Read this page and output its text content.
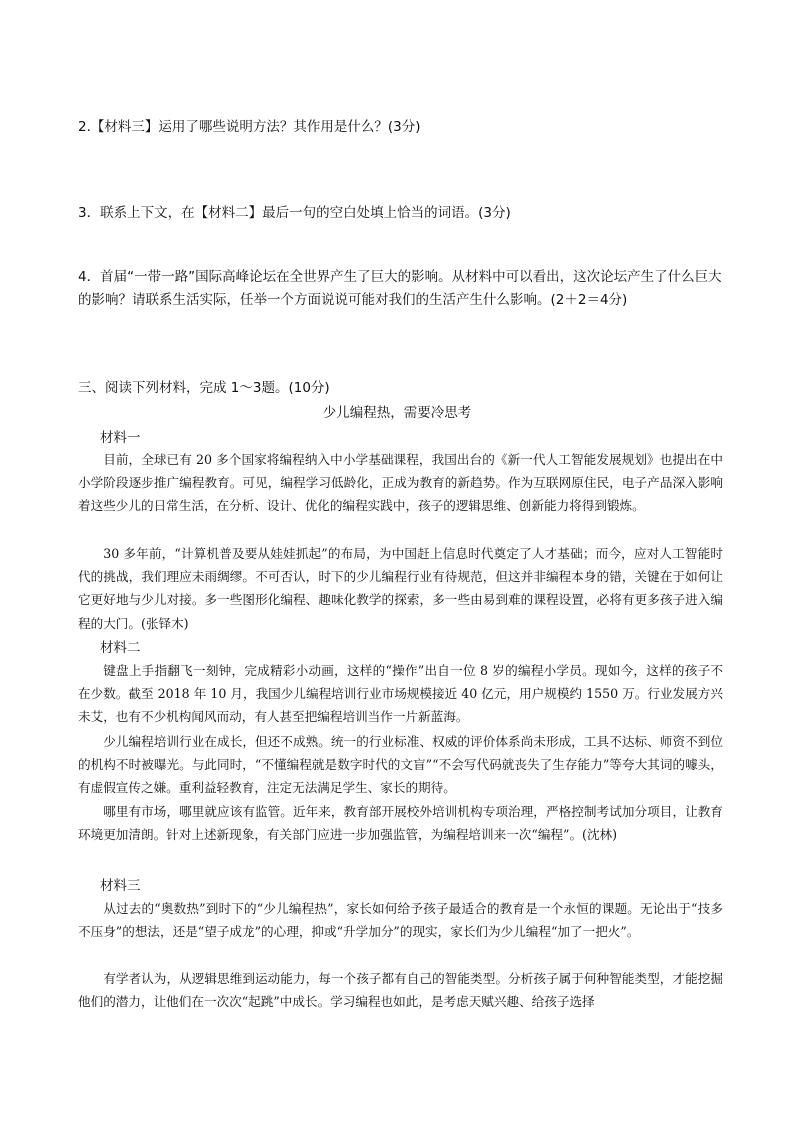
2.【材料三】运用了哪些说明方法？其作用是什么？(3分)
3．联系上下文，在【材料二】最后一句的空白处填上恰当的词语。(3分)
4．首届“一带一路”国际高峰论坛在全世界产生了巨大的影响。从材料中可以看出，这次论坛产生了什么巨大的影响？请联系生活实际，任举一个方面说说可能对我们的生活产生什么影响。(2＋2＝4分)
三、阅读下列材料，完成 1～3题。(10分)
少儿编程热，需要冷思考
材料一
目前，全球已有 20 多个国家将编程纳入中小学基础课程，我国出台的《新一代人工智能发展规划》也提出在中小学阶段逐步推广编程教育。可见，编程学习低龄化，正成为教育的新趋势。作为互联网原住民，电子产品深入影响着这些少儿的日常生活，在分析、设计、优化的编程实践中，孩子的逻辑思维、创新能力将得到锻炼。
30 多年前，“计算机普及要从娃娃抓起”的布局，为中国赶上信息时代奠定了人才基础；而今，应对人工智能时代的挑战，我们理应未雨绸缪。不可否认，时下的少儿编程行业有待规范，但这并非编程本身的错，关键在于如何让它更好地与少儿对接。多一些图形化编程、趣味化教学的探索，多一些由易到难的课程设置，必将有更多孩子进入编程的大门。(张铎木)
材料二
键盘上手指翻飞一刻钟，完成精彩小动画，这样的“操作”出自一位 8 岁的编程小学员。现如今，这样的孩子不在少数。截至 2018 年 10 月，我国少儿编程培训行业市场规模接近 40 亿元，用户规模约 1550 万。行业发展方兴未艾，也有不少机构闻风而动，有人甚至把编程培训当作一片新蓝海。
少儿编程培训行业在成长，但还不成熟。统一的行业标准、权威的评价体系尚未形成，工具不达标、师资不到位的机构不时被曝光。与此同时，“不懂编程就是数字时代的文盲”“不会写代码就丧失了生存能力”等夸大其词的噱头，有虚假宣传之嫌。重利益轻教育，注定无法满足学生、家长的期待。
哪里有市场，哪里就应该有监管。近年来，教育部开展校外培训机构专项治理，严格控制考试加分项目，让教育环境更加清朗。针对上述新现象，有关部门应进一步加强监管，为编程培训来一次“编程”。(沈林)
材料三
从过去的“奥数热”到时下的“少儿编程热”，家长如何给予孩子最适合的教育是一个永恒的课题。无论出于“技多不压身”的想法，还是“望子成龙”的心理，抑或“升学加分”的现实，家长们为少儿编程“加了一把火”。
有学者认为，从逻辑思维到运动能力，每一个孩子都有自己的智能类型。分析孩子属于何种智能类型，才能挖掘他们的潜力，让他们在一次次“起跳”中成长。学习编程也如此，是考虑天赋兴趣、给孩子选择
